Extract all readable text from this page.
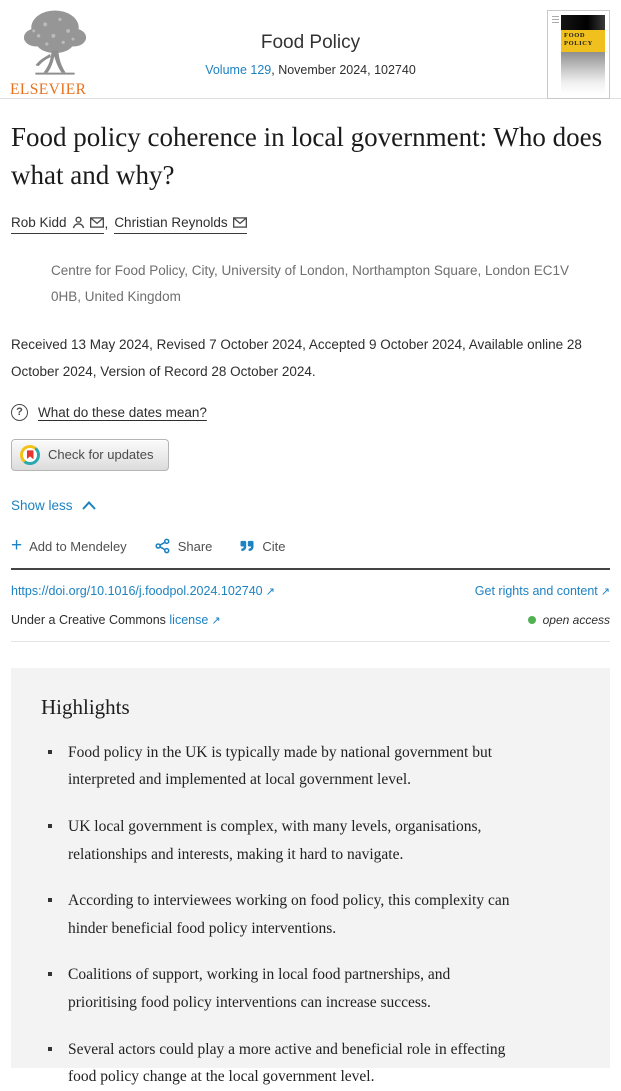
ELSEVIER
Food Policy
Volume 129, November 2024, 102740
FOOD
POLICY
Food policy coherence in local government: Who does what and why?
Rob Kidd	, Christian Reynolds

Centre for Food Policy, City, University of London, Northampton Square, London EC1V 0HB, United Kingdom

Received 13 May 2024, Revised 7 October 2024, Accepted 9 October 2024, Available online 28 October 2024, Version of Record 28 October 2024.

?	What do these dates mean?
Check for updates
Show less
+ Add to Mendeley	Share	Cite
https://doi.org/10.1016/j.foodpol.2024.102740 ↗	Get rights and content ↗
Under a Creative Commons license ↗	open access
Highlights
Food policy in the UK is typically made by national government but interpreted and implemented at local government level.
UK local government is complex, with many levels, organisations, relationships and interests, making it hard to navigate.
According to interviewees working on food policy, this complexity can hinder beneficial food policy interventions.
Coalitions of support, working in local food partnerships, and prioritising food policy interventions can increase success.
Several actors could play a more active and beneficial role in effecting food policy change at the local government level.
